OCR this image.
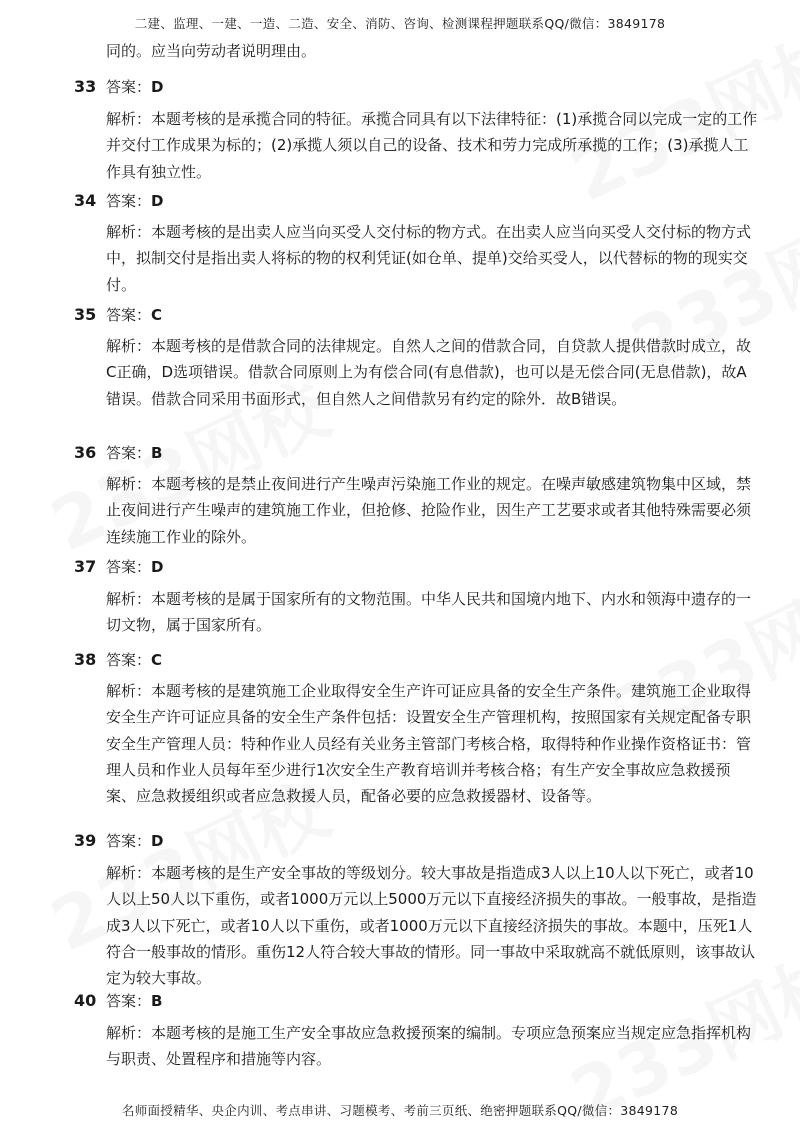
二建、监理、一建、一造、二造、安全、消防、咨询、检测课程押题联系QQ/微信：3849178
同的。应当向劳动者说明理由。
33 答案：D
解析：本题考核的是承揽合同的特征。承揽合同具有以下法律特征：(1)承揽合同以完成一定的工作并交付工作成果为标的；(2)承揽人须以自己的设备、技术和劳力完成所承揽的工作；(3)承揽人工作具有独立性。
34 答案：D
解析：本题考核的是出卖人应当向买受人交付标的物方式。在出卖人应当向买受人交付标的物方式中，拟制交付是指出卖人将标的物的权利凭证(如仓单、提单)交给买受人，以代替标的物的现实交付。
35 答案：C
解析：本题考核的是借款合同的法律规定。自然人之间的借款合同，自贷款人提供借款时成立，故C正确，D选项错误。借款合同原则上为有偿合同(有息借款)，也可以是无偿合同(无息借款)，故A错误。借款合同采用书面形式，但自然人之间借款另有约定的除外．故B错误。
36 答案：B
解析：本题考核的是禁止夜间进行产生噪声污染施工作业的规定。在噪声敏感建筑物集中区域，禁止夜间进行产生噪声的建筑施工作业，但抢修、抢险作业，因生产工艺要求或者其他特殊需要必须连续施工作业的除外。
37 答案：D
解析：本题考核的是属于国家所有的文物范围。中华人民共和国境内地下、内水和领海中遗存的一切文物，属于国家所有。
38 答案：C
解析：本题考核的是建筑施工企业取得安全生产许可证应具备的安全生产条件。建筑施工企业取得安全生产许可证应具备的安全生产条件包括：设置安全生产管理机构，按照国家有关规定配备专职安全生产管理人员：特种作业人员经有关业务主管部门考核合格，取得特种作业操作资格证书：管理人员和作业人员每年至少进行1次安全生产教育培训并考核合格；有生产安全事故应急救援预案、应急救援组织或者应急救援人员，配备必要的应急救援器材、设备等。
39 答案：D
解析：本题考核的是生产安全事故的等级划分。较大事故是指造成3人以上10人以下死亡，或者10人以上50人以下重伤，或者1000万元以上5000万元以下直接经济损失的事故。一般事故，是指造成3人以下死亡，或者10人以下重伤，或者1000万元以下直接经济损失的事故。本题中，压死1人符合一般事故的情形。重伤12人符合较大事故的情形。同一事故中采取就高不就低原则，该事故认定为较大事故。
40 答案：B
解析：本题考核的是施工生产安全事故应急救援预案的编制。专项应急预案应当规定应急指挥机构与职责、处置程序和措施等内容。
名师面授精华、央企内训、考点串讲、习题模考、考前三页纸、绝密押题联系QQ/微信：3849178
